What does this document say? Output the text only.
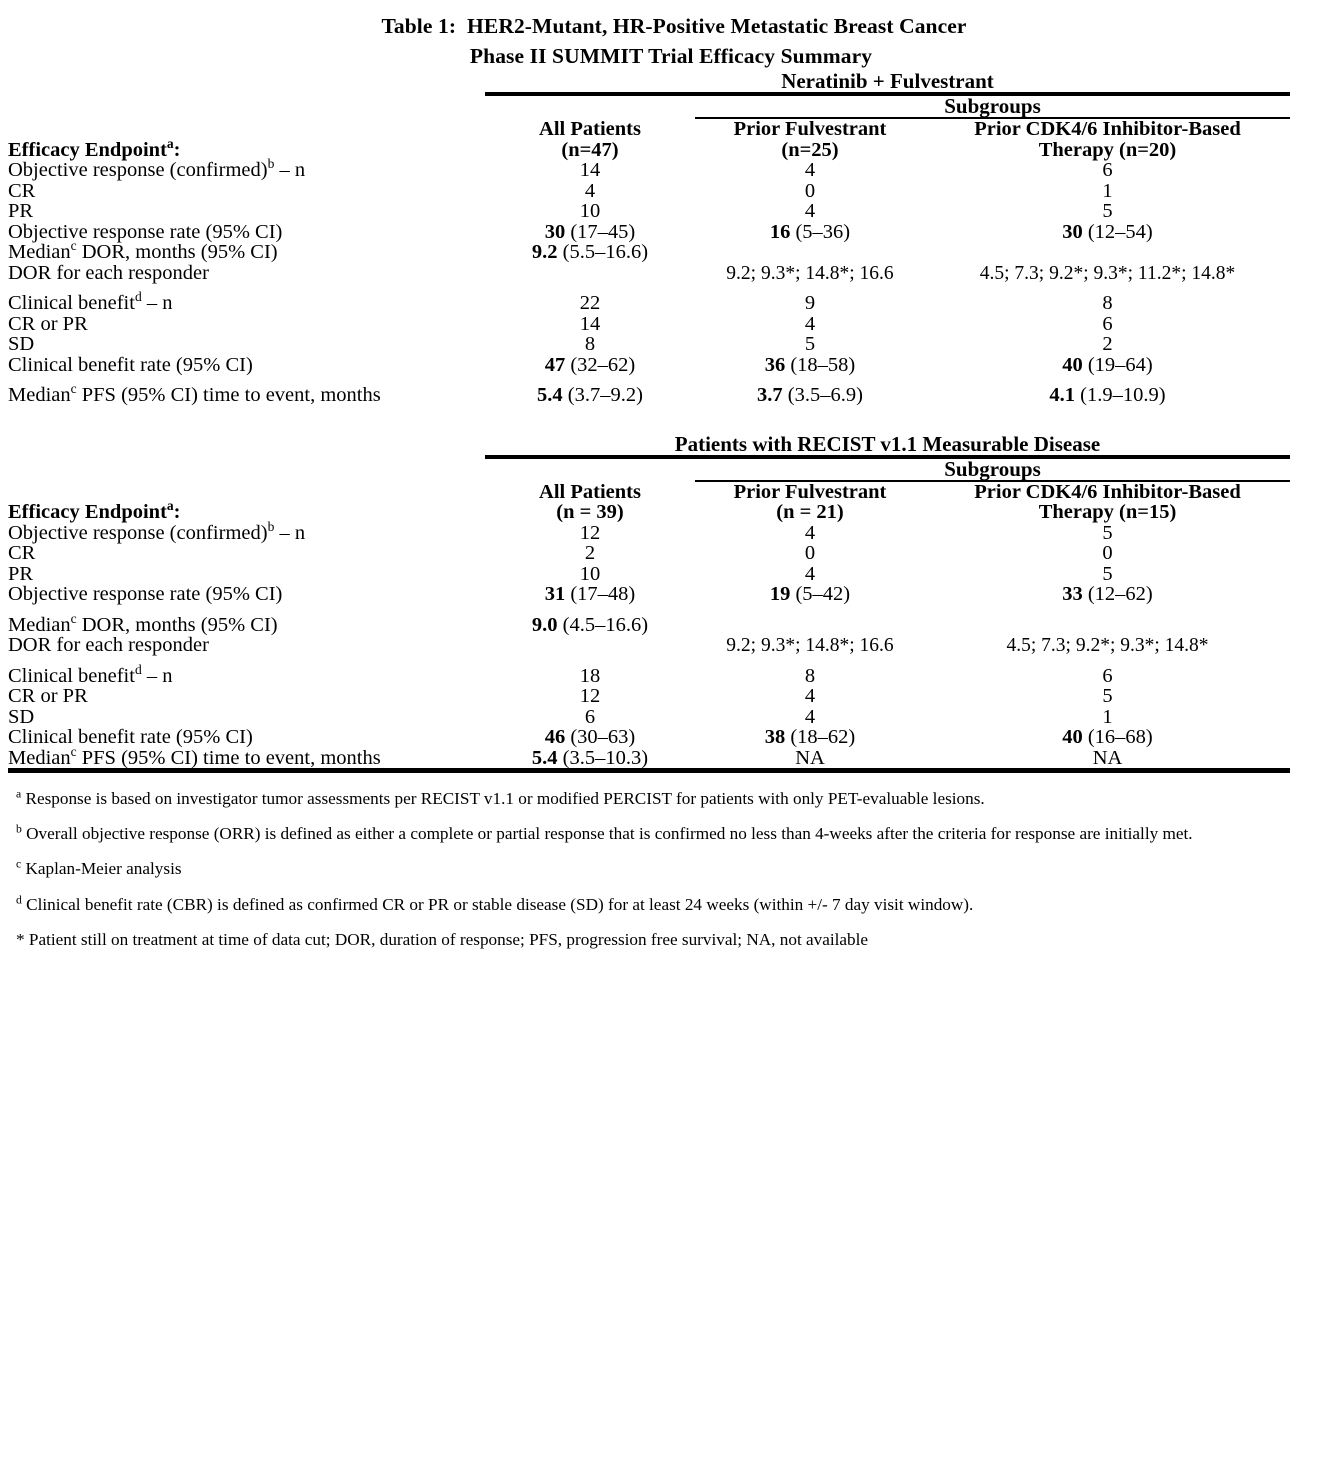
Table 1:  HER2-Mutant, HR-Positive Metastatic Breast Cancer
Phase II SUMMIT Trial Efficacy Summary
	Neratinib + Fulvestrant		
		Subgroups	
	All Patients	Prior Fulvestrant	Prior CDK4/6 Inhibitor-Based
Efficacy Endpoint$^a$:	(n=47)	(n=25)	Therapy (n=20)
Objective response (confirmed)$^b$ – n	14	4	6
CR	4	0	1
PR	10	4	5
Objective response rate (95% CI)	30 (17–45)	16 (5–36)	30 (12–54)
Median$^c$ DOR, months (95% CI)	9.2 (5.5–16.6)		
DOR for each responder		9.2; 9.3*; 14.8*; 16.6	4.5; 7.3; 9.2*; 9.3*; 11.2*; 14.8*

Clinical benefit$^d$ – n	22	9	8
CR or PR	14	4	6
SD	8	5	2
Clinical benefit rate (95% CI)	47 (32–62)	36 (18–58)	40 (19–64)

Median$^c$ PFS (95% CI) time to event, months	5.4 (3.7–9.2)	3.7 (3.5–6.9)	4.1 (1.9–10.9)
	Patients with RECIST v1.1 Measurable Disease		
		Subgroups	
	All Patients	Prior Fulvestrant	Prior CDK4/6 Inhibitor-Based
Efficacy Endpoint$^a$:	(n = 39)	(n = 21)	Therapy (n=15)
Objective response (confirmed)$^b$ – n	12	4	5
CR	2	0	0
PR	10	4	5
Objective response rate (95% CI)	31 (17–48)	19 (5–42)	33 (12–62)

Median$^c$ DOR, months (95% CI)	9.0 (4.5–16.6)		
DOR for each responder		9.2; 9.3*; 14.8*; 16.6	4.5; 7.3; 9.2*; 9.3*; 14.8*

Clinical benefit$^d$ – n	18	8	6
CR or PR	12	4	5
SD	6	4	1
Clinical benefit rate (95% CI)	46 (30–63)	38 (18–62)	40 (16–68)
Median$^c$ PFS (95% CI) time to event, months	5.4 (3.5–10.3)	NA	NA
$^a$ Response is based on investigator tumor assessments per RECIST v1.1 or modified PERCIST for patients with only PET-evaluable lesions.
$^b$ Overall objective response (ORR) is defined as either a complete or partial response that is confirmed no less than 4-weeks after the criteria for response are initially met.
$^c$ Kaplan-Meier analysis
$^d$ Clinical benefit rate (CBR) is defined as confirmed CR or PR or stable disease (SD) for at least 24 weeks (within +/- 7 day visit window).
* Patient still on treatment at time of data cut; DOR, duration of response; PFS, progression free survival; NA, not available
